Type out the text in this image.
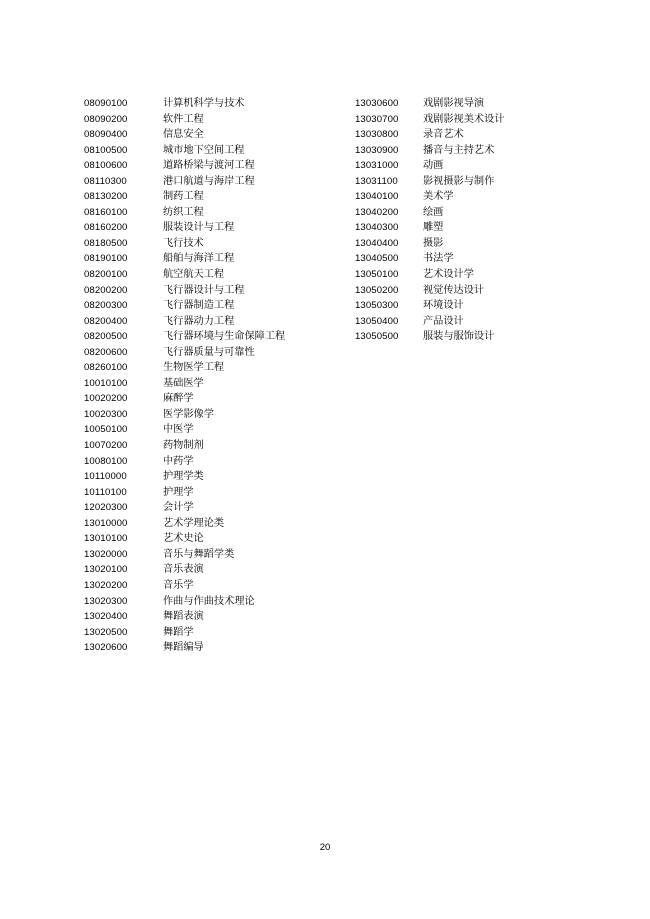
08090100	计算机科学与技术
08090200	软件工程
08090400	信息安全
08100500	城市地下空间工程
08100600	道路桥梁与渡河工程
08110300	港口航道与海岸工程
08130200	制药工程
08160100	纺织工程
08160200	服装设计与工程
08180500	飞行技术
08190100	船舶与海洋工程
08200100	航空航天工程
08200200	飞行器设计与工程
08200300	飞行器制造工程
08200400	飞行器动力工程
08200500	飞行器环境与生命保障工程
08200600	飞行器质量与可靠性
08260100	生物医学工程
10010100	基础医学
10020200	麻醉学
10020300	医学影像学
10050100	中医学
10070200	药物制剂
10080100	中药学
10110000	护理学类
10110100	护理学
12020300	会计学
13010000	艺术学理论类
13010100	艺术史论
13020000	音乐与舞蹈学类
13020100	音乐表演
13020200	音乐学
13020300	作曲与作曲技术理论
13020400	舞蹈表演
13020500	舞蹈学
13020600	舞蹈编导
13030600 戏剧影视导演
13030700 戏剧影视美术设计
13030800 录音艺术
13030900 播音与主持艺术
13031000 动画
13031100 影视摄影与制作
13040100 美术学
13040200 绘画
13040300 雕塑
13040400 摄影
13040500 书法学
13050100 艺术设计学
13050200 视觉传达设计
13050300 环境设计
13050400 产品设计
13050500 服装与服饰设计
20
